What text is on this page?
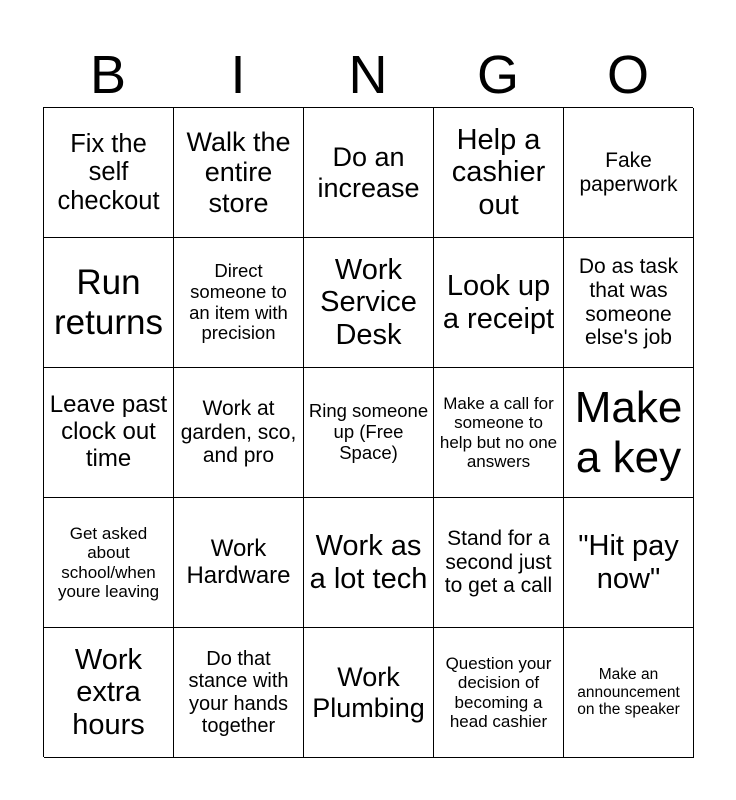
B	I	N	G	O
Fix the self checkout
Walk the entire store
Do an increase
Help a cashier out
Fake paperwork
Run returns
Direct someone to an item with precision
Work Service Desk
Look up a receipt
Do as task that was someone else's job
Leave past clock out time
Work at garden, sco, and pro
Ring someone up (Free Space)
Make a call for someone to help but no one answers
Make a key
Get asked about school/when youre leaving
Work Hardware
Work as a lot tech
Stand for a second just to get a call
"Hit pay now"
Work extra hours
Do that stance with your hands together
Work Plumbing
Question your decision of becoming a head cashier
Make an announcement on the speaker
